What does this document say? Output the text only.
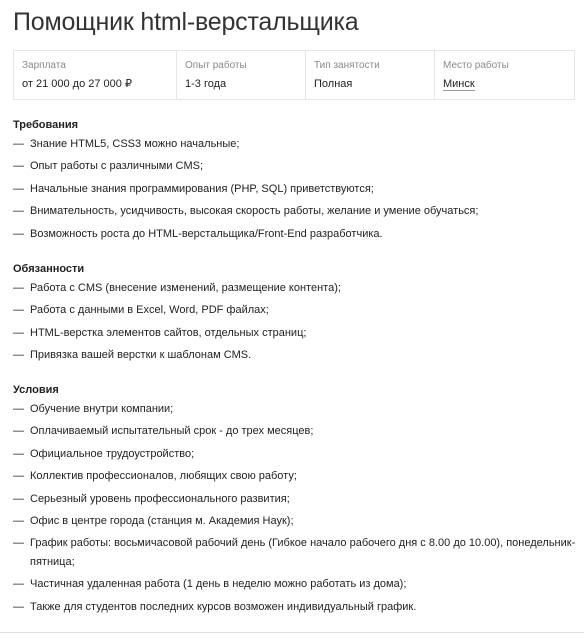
Помощник html-верстальщика
Зарплата
от 21 000 до 27 000 ₽
Опыт работы
1-3 года
Тип занятости
Полная
Место работы
Минск
Требования
— Знание HTML5, CSS3 можно начальные;
— Опыт работы с различными CMS;
— Начальные знания программирования (PHP, SQL) приветствуются;
— Внимательность, усидчивость, высокая скорость работы, желание и умение обучаться;
— Возможность роста до HTML-верстальщика/Front-End разработчика.
Обязанности
— Работа с CMS (внесение изменений, размещение контента);
— Работа с данными в Excel, Word, PDF файлах;
— HTML-верстка элементов сайтов, отдельных страниц;
— Привязка вашей верстки к шаблонам CMS.
Условия
— Обучение внутри компании;
— Оплачиваемый испытательный срок - до трех месяцев;
— Официальное трудоустройство;
— Коллектив профессионалов, любящих свою работу;
— Серьезный уровень профессионального развития;
— Офис в центре города (станция м. Академия Наук);
— График работы: восьмичасовой рабочий день (Гибкое начало рабочего дня с 8.00 до 10.00), понедельник-пятница;
— Частичная удаленная работа (1 день в неделю можно работать из дома);
— Также для студентов последних курсов возможен индивидуальный график.
